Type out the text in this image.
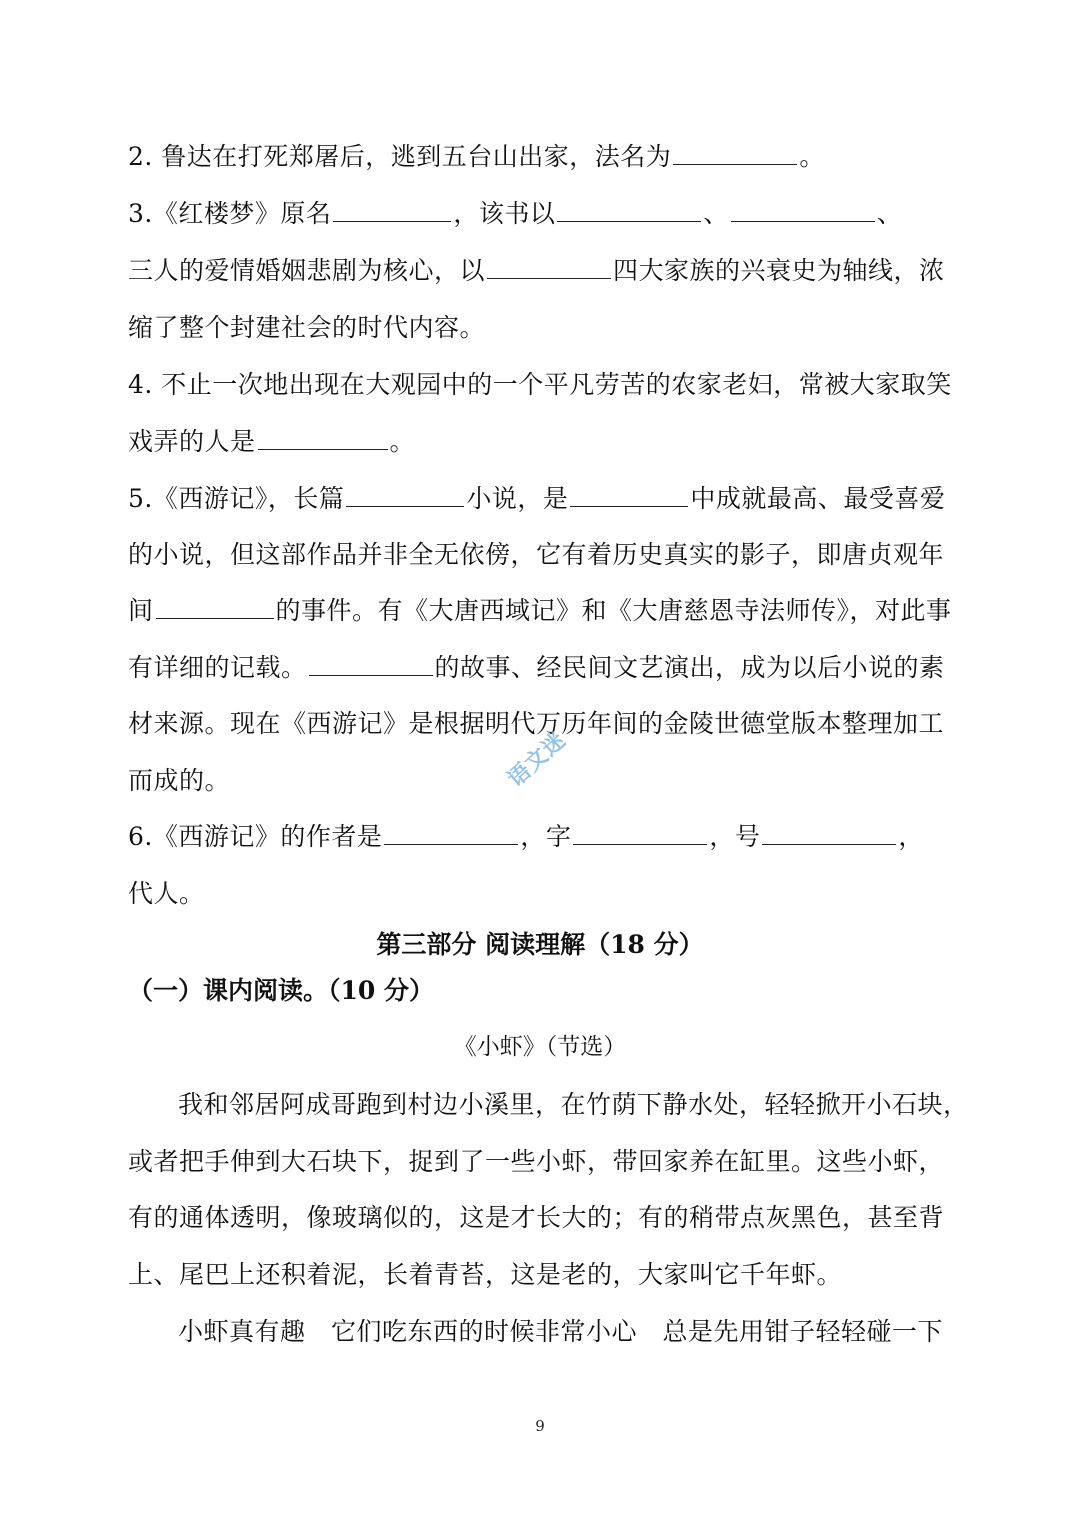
2. 鲁达在打死郑屠后，逃到五台山出家，法名为	。
3.《红楼梦》原名	，该书以	、	、
三人的爱情婚姻悲剧为核心，以	四大家族的兴衰史为轴线，浓
缩了整个封建社会的时代内容。
4. 不止一次地出现在大观园中的一个平凡劳苦的农家老妇，常被大家取笑
戏弄的人是	。
5.《西游记》，长篇	小说，是	中成就最高、最受喜爱
的小说，但这部作品并非全无依傍，它有着历史真实的影子，即唐贞观年
间	的事件。有《大唐西域记》和《大唐慈恩寺法师传》，对此事
有详细的记载。	的故事、经民间文艺演出，成为以后小说的素
材来源。现在《西游记》是根据明代万历年间的金陵世德堂版本整理加工
而成的。	语文迷
6.《西游记》的作者是	，字	，号	，
代人。
第三部分 阅读理解（18 分）
（一）课内阅读。（10 分）
《小虾》（节选）
我和邻居阿成哥跑到村边小溪里，在竹荫下静水处，轻轻掀开小石块，
或者把手伸到大石块下，捉到了一些小虾，带回家养在缸里。这些小虾，
有的通体透明，像玻璃似的，这是才长大的；有的稍带点灰黑色，甚至背
上、尾巴上还积着泥，长着青苔，这是老的，大家叫它千年虾。
小虾真有趣　它们吃东西的时候非常小心　总是先用钳子轻轻碰一下
9
